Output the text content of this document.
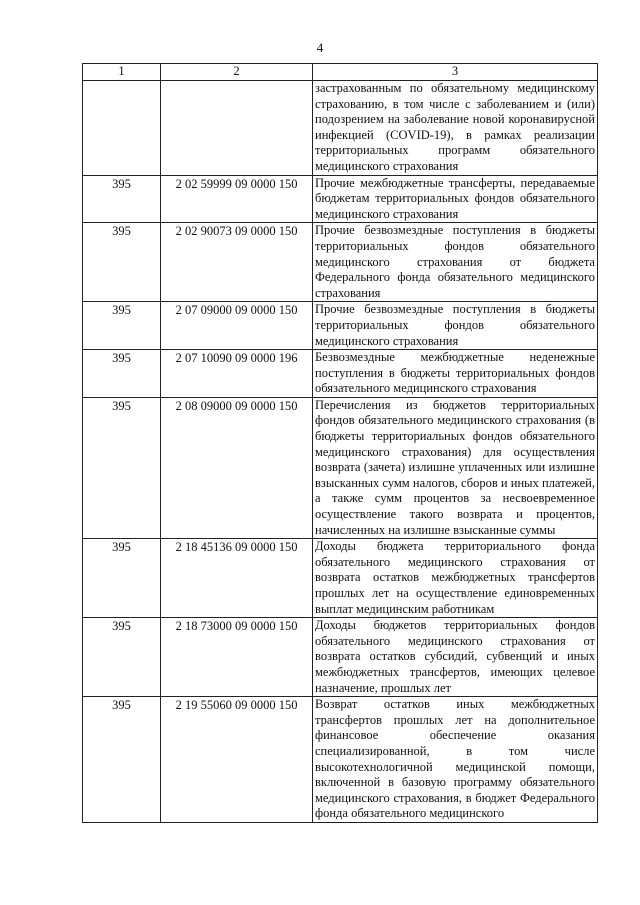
4
1	2	3
		застрахованным по обязательному медицинскому страхованию, в том числе с заболеванием и (или) подозрением на заболевание новой коронавирусной инфекцией (COVID-19), в рамках реализации территориальных программ обязательного медицинского страхования
395	2 02 59999 09 0000 150	Прочие межбюджетные трансферты, передаваемые бюджетам территориальных фондов обязательного медицинского страхования
395	2 02 90073 09 0000 150	Прочие безвозмездные поступления в бюджеты территориальных фондов обязательного медицинского страхования от бюджета Федерального фонда обязательного медицинского страхования
395	2 07 09000 09 0000 150	Прочие безвозмездные поступления в бюджеты территориальных фондов обязательного медицинского страхования
395	2 07 10090 09 0000 196	Безвозмездные межбюджетные неденежные поступления в бюджеты территориальных фондов обязательного медицинского страхования
395	2 08 09000 09 0000 150	Перечисления из бюджетов территориальных фондов обязательного медицинского страхования (в бюджеты территориальных фондов обязательного медицинского страхования) для осуществления возврата (зачета) излишне уплаченных или излишне взысканных сумм налогов, сборов и иных платежей, а также сумм процентов за несвоевременное осуществление такого возврата и процентов, начисленных на излишне взысканные суммы
395	2 18 45136 09 0000 150	Доходы бюджета территориального фонда обязательного медицинского страхования от возврата остатков межбюджетных трансфертов прошлых лет на осуществление единовременных выплат медицинским работникам
395	2 18 73000 09 0000 150	Доходы бюджетов территориальных фондов обязательного медицинского страхования от возврата остатков субсидий, субвенций и иных межбюджетных трансфертов, имеющих целевое назначение, прошлых лет
395	2 19 55060 09 0000 150	Возврат остатков иных межбюджетных трансфертов прошлых лет на дополнительное финансовое обеспечение оказания специализированной, в том числе высокотехнологичной медицинской помощи, включенной в базовую программу обязательного медицинского страхования, в бюджет Федерального фонда обязательного медицинского
